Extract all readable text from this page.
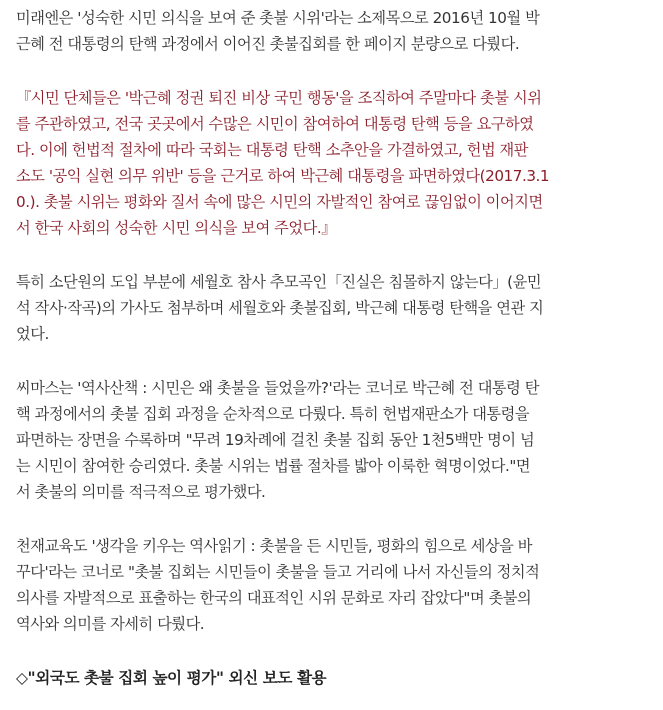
미래엔은 '성숙한 시민 의식을 보여 준 촛불 시위'라는 소제목으로 2016년 10월 박
근혜 전 대통령의 탄핵 과정에서 이어진 촛불집회를 한 페이지 분량으로 다뤘다.

『시민 단체들은 '박근혜 정권 퇴진 비상 국민 행동'을 조직하여 주말마다 촛불 시위
를 주관하였고, 전국 곳곳에서 수많은 시민이 참여하여 대통령 탄핵 등을 요구하였
다. 이에 헌법적 절차에 따라 국회는 대통령 탄핵 소추안을 가결하였고, 헌법 재판
소도 '공익 실현 의무 위반' 등을 근거로 하여 박근혜 대통령을 파면하였다(2017.3.1
0.). 촛불 시위는 평화와 질서 속에 많은 시민의 자발적인 참여로 끊임없이 이어지면
서 한국 사회의 성숙한 시민 의식을 보여 주었다.』

특히 소단원의 도입 부분에 세월호 참사 추모곡인「진실은 침몰하지 않는다」(윤민
석 작사·작곡)의 가사도 첨부하며 세월호와 촛불집회, 박근혜 대통령 탄핵을 연관 지
었다.

씨마스는 '역사산책 : 시민은 왜 촛불을 들었을까?'라는 코너로 박근혜 전 대통령 탄
핵 과정에서의 촛불 집회 과정을 순차적으로 다뤘다. 특히 헌법재판소가 대통령을
파면하는 장면을 수록하며 "무려 19차례에 걸친 촛불 집회 동안 1천5백만 명이 넘
는 시민이 참여한 승리였다. 촛불 시위는 법률 절차를 밟아 이룩한 혁명이었다."면
서 촛불의 의미를 적극적으로 평가했다.

천재교육도 '생각을 키우는 역사읽기 : 촛불을 든 시민들, 평화의 힘으로 세상을 바
꾸다'라는 코너로 "촛불 집회는 시민들이 촛불을 들고 거리에 나서 자신들의 정치적
의사를 자발적으로 표출하는 한국의 대표적인 시위 문화로 자리 잡았다"며 촛불의
역사와 의미를 자세히 다뤘다.

◇"외국도 촛불 집회 높이 평가" 외신 보도 활용
